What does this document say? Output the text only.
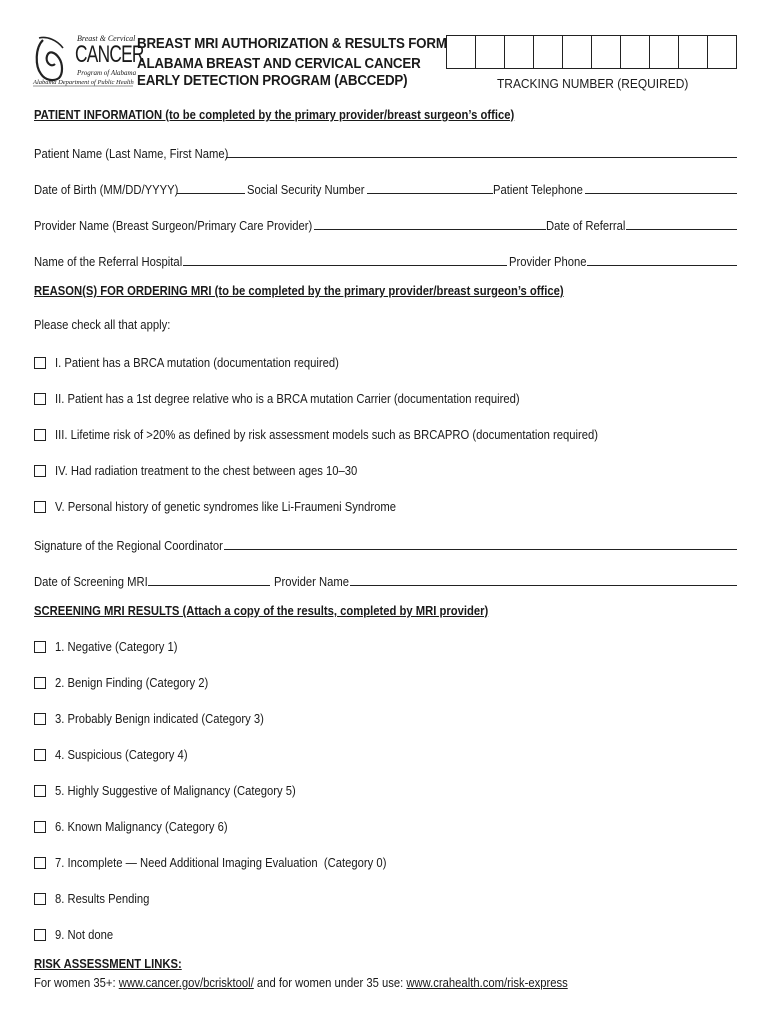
Breast & Cervical
CANCER
Program of Alabama
Alabama Department of Public Health
BREAST MRI AUTHORIZATION & RESULTS FORM
ALABAMA BREAST AND CERVICAL CANCER
EARLY DETECTION PROGRAM (ABCCEDP)	TRACKING NUMBER (REQUIRED)
PATIENT INFORMATION (to be completed by the primary provider/breast surgeon’s office)
Patient Name (Last Name, First Name)
Date of Birth (MM/DD/YYYY)	Social Security Number	Patient Telephone
Provider Name (Breast Surgeon/Primary Care Provider)	Date of Referral
Name of the Referral Hospital	Provider Phone
REASON(S) FOR ORDERING MRI (to be completed by the primary provider/breast surgeon’s office)
Please check all that apply:
I. Patient has a BRCA mutation (documentation required)
II. Patient has a 1st degree relative who is a BRCA mutation Carrier (documentation required)
III. Lifetime risk of >20% as defined by risk assessment models such as BRCAPRO (documentation required)
IV. Had radiation treatment to the chest between ages 10–30
V. Personal history of genetic syndromes like Li-Fraumeni Syndrome
Signature of the Regional Coordinator
Date of Screening MRI	Provider Name
SCREENING MRI RESULTS (Attach a copy of the results, completed by MRI provider)
1. Negative (Category 1)
2. Benign Finding (Category 2)
3. Probably Benign indicated (Category 3)
4. Suspicious (Category 4)
5. Highly Suggestive of Malignancy (Category 5)
6. Known Malignancy (Category 6)
7. Incomplete — Need Additional Imaging Evaluation  (Category 0)
8. Results Pending
9. Not done
RISK ASSESSMENT LINKS:
For women 35+: www.cancer.gov/bcrisktool/ and for women under 35 use: www.crahealth.com/risk-express
